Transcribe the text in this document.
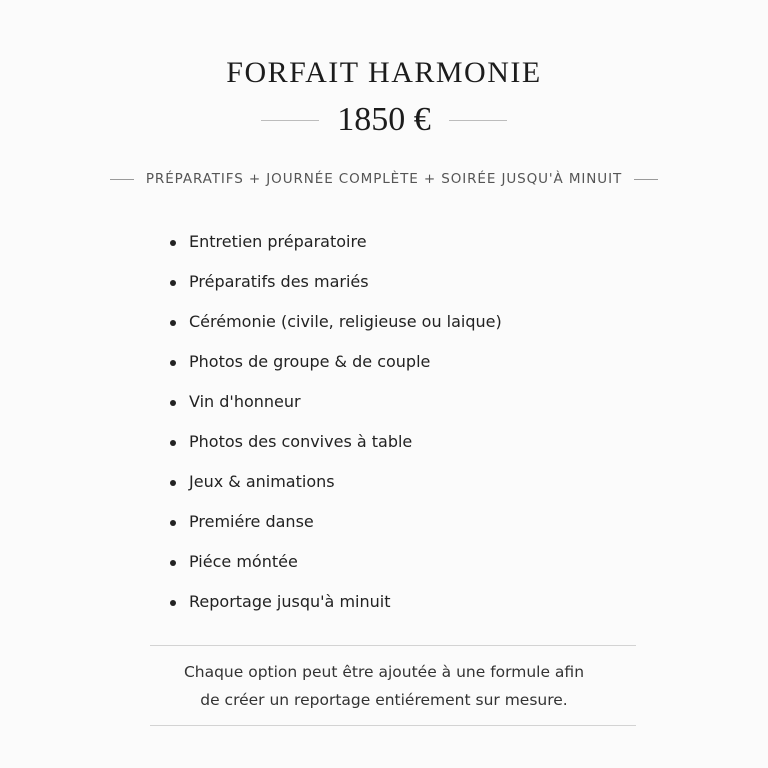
FORFAIT HARMONIE
1850 €
PRÉPARATIFS + JOURNÉE COMPLÈTE + SOIRÉE JUSQU'À MINUIT
Entretien préparatoire
Préparatifs des mariés
Cérémonie (civile, religieuse ou laique)
Photos de groupe & de couple
Vin d'honneur
Photos des convives à table
Jeux & animations
Premiére danse
Piéce móntée
Reportage jusqu'à minuit
Chaque option peut être ajoutée à une formule afin
de créer un reportage entiérement sur mesure.
